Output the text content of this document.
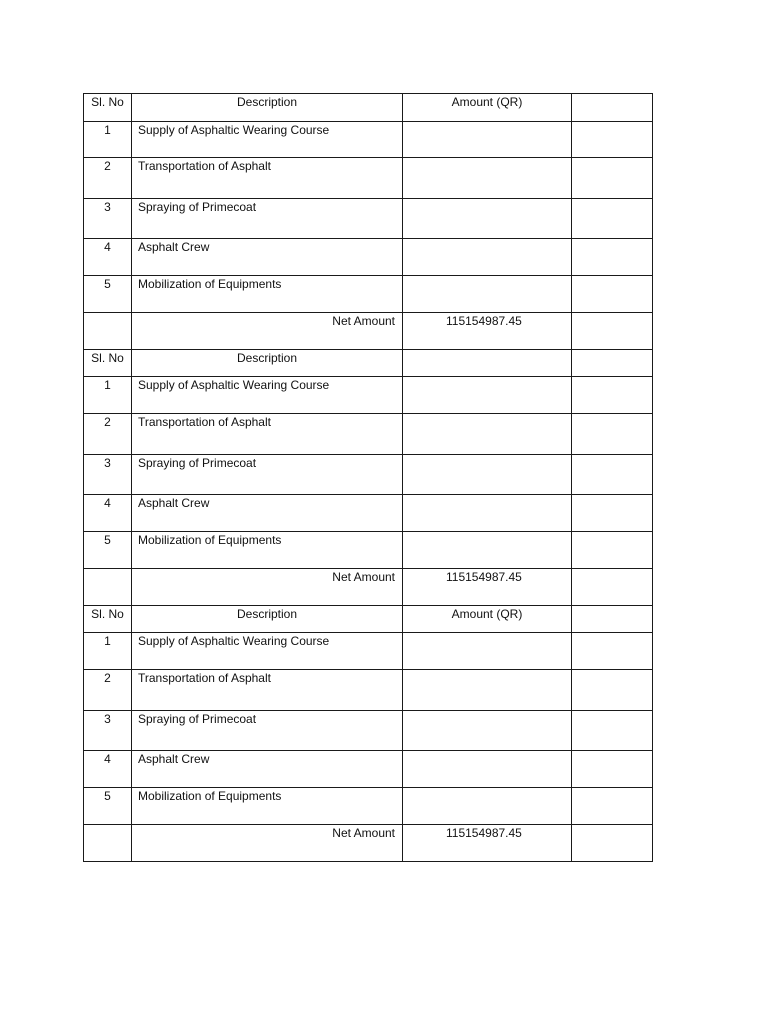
Sl. No	Description	Amount (QR)	
1	Supply of Asphaltic Wearing Course		
2	Transportation of Asphalt		
3	Spraying of Primecoat		
4	Asphalt Crew		
5	Mobilization of Equipments		
	Net Amount	115154987.45	
Sl. No	Description		
1	Supply of Asphaltic Wearing Course		
2	Transportation of Asphalt		
3	Spraying of Primecoat		
4	Asphalt Crew		
5	Mobilization of Equipments		
	Net Amount	115154987.45	
Sl. No	Description	Amount (QR)	
1	Supply of Asphaltic Wearing Course		
2	Transportation of Asphalt		
3	Spraying of Primecoat		
4	Asphalt Crew		
5	Mobilization of Equipments		
	Net Amount	115154987.45	
